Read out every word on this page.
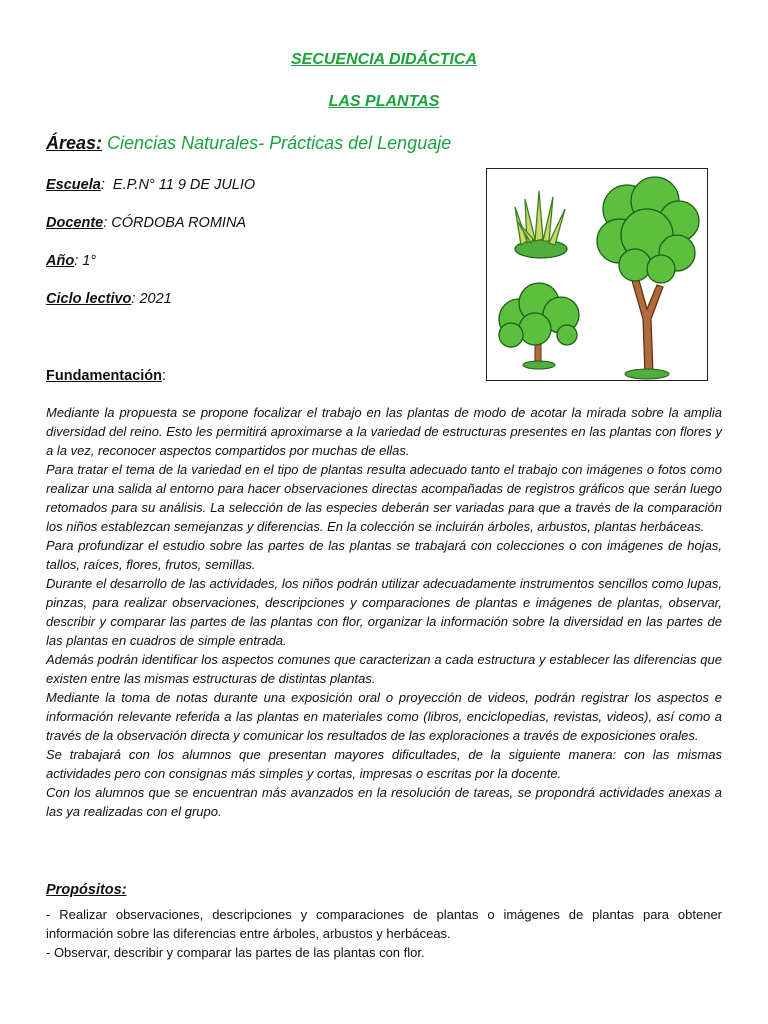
SECUENCIA DIDÁCTICA
LAS PLANTAS
Áreas: Ciencias Naturales- Prácticas del Lenguaje
Escuela:  E.P.N° 11 9 DE JULIO
Docente: CÓRDOBA ROMINA
Año: 1°
Ciclo lectivo: 2021
Fundamentación:
Mediante la propuesta se propone focalizar el trabajo en las plantas de modo de acotar la mirada sobre la amplia diversidad del reino. Esto les permitirá aproximarse a la variedad de estructuras presentes en las plantas con flores y a la vez, reconocer aspectos compartidos por muchas de ellas.
Para tratar el tema de la variedad en el tipo de plantas resulta adecuado tanto el trabajo con imágenes o fotos como realizar una salida al entorno para hacer observaciones directas acompañadas de registros gráficos que serán luego retomados para su análisis. La selección de las especies deberán ser variadas para que a través de la comparación los niños establezcan semejanzas y diferencias. En la colección se incluirán árboles, arbustos, plantas herbáceas.
Para profundizar el estudio sobre las partes de las plantas se trabajará con colecciones o con imágenes de hojas, tallos, raíces, flores, frutos, semillas.
Durante el desarrollo de las actividades, los niños podrán utilizar adecuadamente instrumentos sencillos como lupas, pinzas, para realizar observaciones, descripciones y comparaciones de plantas e imágenes de plantas, observar, describir y comparar las partes de las plantas con flor, organizar la información sobre la diversidad en las partes de las plantas en cuadros de simple entrada.
Además podrán identificar los aspectos comunes que caracterizan a cada estructura y establecer las diferencias que existen entre las mismas estructuras de distintas plantas.
Mediante la toma de notas durante una exposición oral o proyección de videos, podrán registrar los aspectos e información relevante referida a las plantas en materiales como (libros, enciclopedias, revistas, videos), así como a través de la observación directa y comunicar los resultados de las exploraciones a través de exposiciones orales.
Se trabajará con los alumnos que presentan mayores dificultades, de la siguiente manera: con las mismas actividades pero con consignas más simples y cortas, impresas o escritas por la docente.
Con los alumnos que se encuentran más avanzados en la resolución de tareas, se propondrá actividades anexas a las ya realizadas con el grupo.
Propósitos:
- Realizar observaciones, descripciones y comparaciones de plantas o imágenes de plantas para obtener información sobre las diferencias entre árboles, arbustos y herbáceas.
- Observar, describir y comparar las partes de las plantas con flor.
